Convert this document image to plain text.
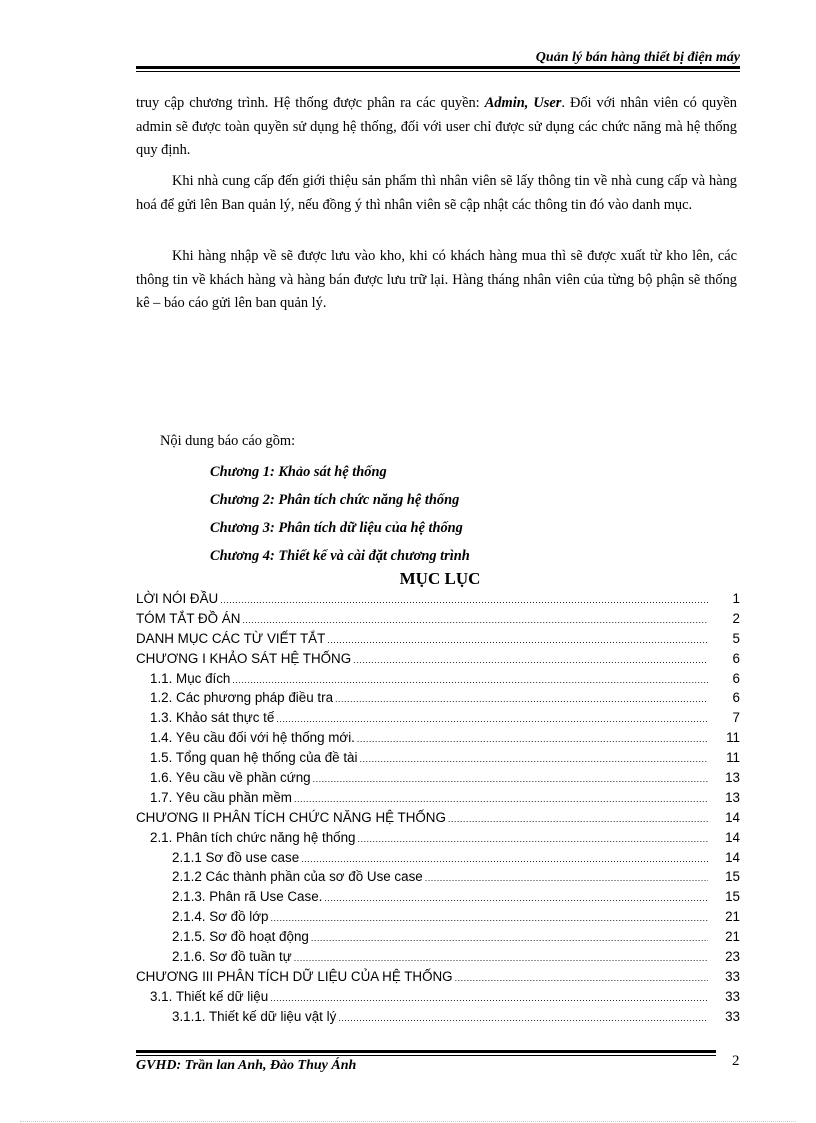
Quản lý bán hàng thiết bị điện máy

truy cập chương trình. Hệ thống được phân ra các quyền: Admin, User. Đối với nhân viên có quyền admin sẽ được toàn quyền sử dụng hệ thống, đối với user chỉ được sử dụng các chức năng mà hệ thống quy định.

Khi nhà cung cấp đến giới thiệu sản phẩm thì nhân viên sẽ lấy thông tin về nhà cung cấp và hàng hoá để gửi lên Ban quản lý, nếu đồng ý thì nhân viên sẽ cập nhật các thông tin đó vào danh mục.

Khi hàng nhập về sẽ được lưu vào kho, khi có khách hàng mua thì sẽ được xuất từ kho lên, các thông tin về khách hàng và hàng bán được lưu trữ lại. Hàng tháng nhân viên của từng bộ phận sẽ thống kê – báo cáo gửi lên ban quản lý.

Nội dung báo cáo gồm:

Chương 1: Khảo sát hệ thống
Chương 2: Phân tích chức năng hệ thống
Chương 3: Phân tích dữ liệu của hệ thống
Chương 4: Thiết kế và cài đặt chương trình
MỤC LỤC
LỜI NÓI ĐẦU .....	1
TÓM TẮT ĐỒ ÁN .....	2
DANH MỤC CÁC TỪ VIẾT TẮT .....	5
CHƯƠNG I KHẢO SÁT HỆ THỐNG .....	6
1.1. Mục đích .....	6
1.2. Các phương pháp điều tra .....	6
1.3. Khảo sát thực tế .....	7
1.4. Yêu cầu đối với hệ thống mới. .....	11
1.5. Tổng quan hệ thống của đề tài .....	11
1.6. Yêu cầu về phần cứng .....	13
1.7. Yêu cầu phần mềm .....	13
CHƯƠNG II PHÂN TÍCH CHỨC NĂNG HỆ THỐNG .....	14
2.1. Phân tích chức năng hệ thống .....	14
2.1.1 Sơ đồ use case .....	14
2.1.2 Các thành phần của sơ đồ Use case .....	15
2.1.3. Phân rã Use Case. .....	15
2.1.4. Sơ đồ lớp .....	21
2.1.5. Sơ đồ hoạt động .....	21
2.1.6. Sơ đồ tuần tự .....	23
CHƯƠNG III PHÂN TÍCH DỮ LIỆU CỦA HỆ THỐNG .....	33
3.1. Thiết kế dữ liệu .....	33
3.1.1. Thiết kế dữ liệu vật lý .....	33
GVHD: Trần lan Anh, Đào Thuy Ánh	2
